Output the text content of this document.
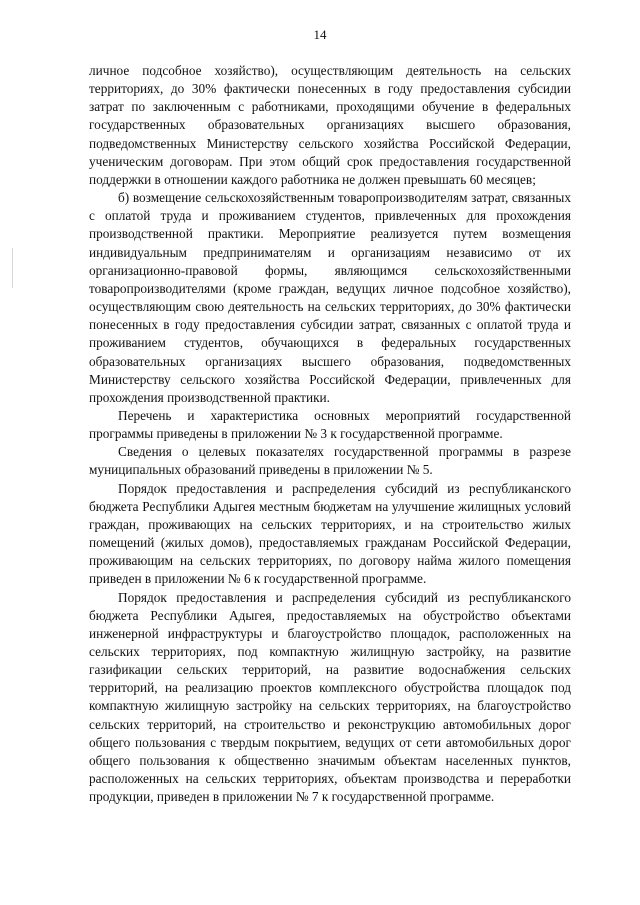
14

личное подсобное хозяйство), осуществляющим деятельность на сельских территориях, до 30% фактически понесенных в году предоставления субсидии затрат по заключенным с работниками, проходящими обучение в федеральных государственных образовательных организациях высшего образования, подведомственных Министерству сельского хозяйства Российской Федерации, ученическим договорам. При этом общий срок предоставления государственной поддержки в отношении каждого работника не должен превышать 60 месяцев;

б) возмещение сельскохозяйственным товаропроизводителям затрат, связанных с оплатой труда и проживанием студентов, привлеченных для прохождения производственной практики. Мероприятие реализуется путем возмещения индивидуальным предпринимателям и организациям независимо от их организационно-правовой формы, являющимся сельскохозяйственными товаропроизводителями (кроме граждан, ведущих личное подсобное хозяйство), осуществляющим свою деятельность на сельских территориях, до 30% фактически понесенных в году предоставления субсидии затрат, связанных с оплатой труда и проживанием студентов, обучающихся в федеральных государственных образовательных организациях высшего образования, подведомственных Министерству сельского хозяйства Российской Федерации, привлеченных для прохождения производственной практики.

Перечень и характеристика основных мероприятий государственной программы приведены в приложении № 3 к государственной программе.

Сведения о целевых показателях государственной программы в разрезе муниципальных образований приведены в приложении № 5.

Порядок предоставления и распределения субсидий из республиканского бюджета Республики Адыгея местным бюджетам на улучшение жилищных условий граждан, проживающих на сельских территориях, и на строительство жилых помещений (жилых домов), предоставляемых гражданам Российской Федерации, проживающим на сельских территориях, по договору найма жилого помещения приведен в приложении № 6 к государственной программе.

Порядок предоставления и распределения субсидий из республиканского бюджета Республики Адыгея, предоставляемых на обустройство объектами инженерной инфраструктуры и благоустройство площадок, расположенных на сельских территориях, под компактную жилищную застройку, на развитие газификации сельских территорий, на развитие водоснабжения сельских территорий, на реализацию проектов комплексного обустройства площадок под компактную жилищную застройку на сельских территориях, на благоустройство сельских территорий, на строительство и реконструкцию автомобильных дорог общего пользования с твердым покрытием, ведущих от сети автомобильных дорог общего пользования к общественно значимым объектам населенных пунктов, расположенных на сельских территориях, объектам производства и переработки продукции, приведен в приложении № 7 к государственной программе.
